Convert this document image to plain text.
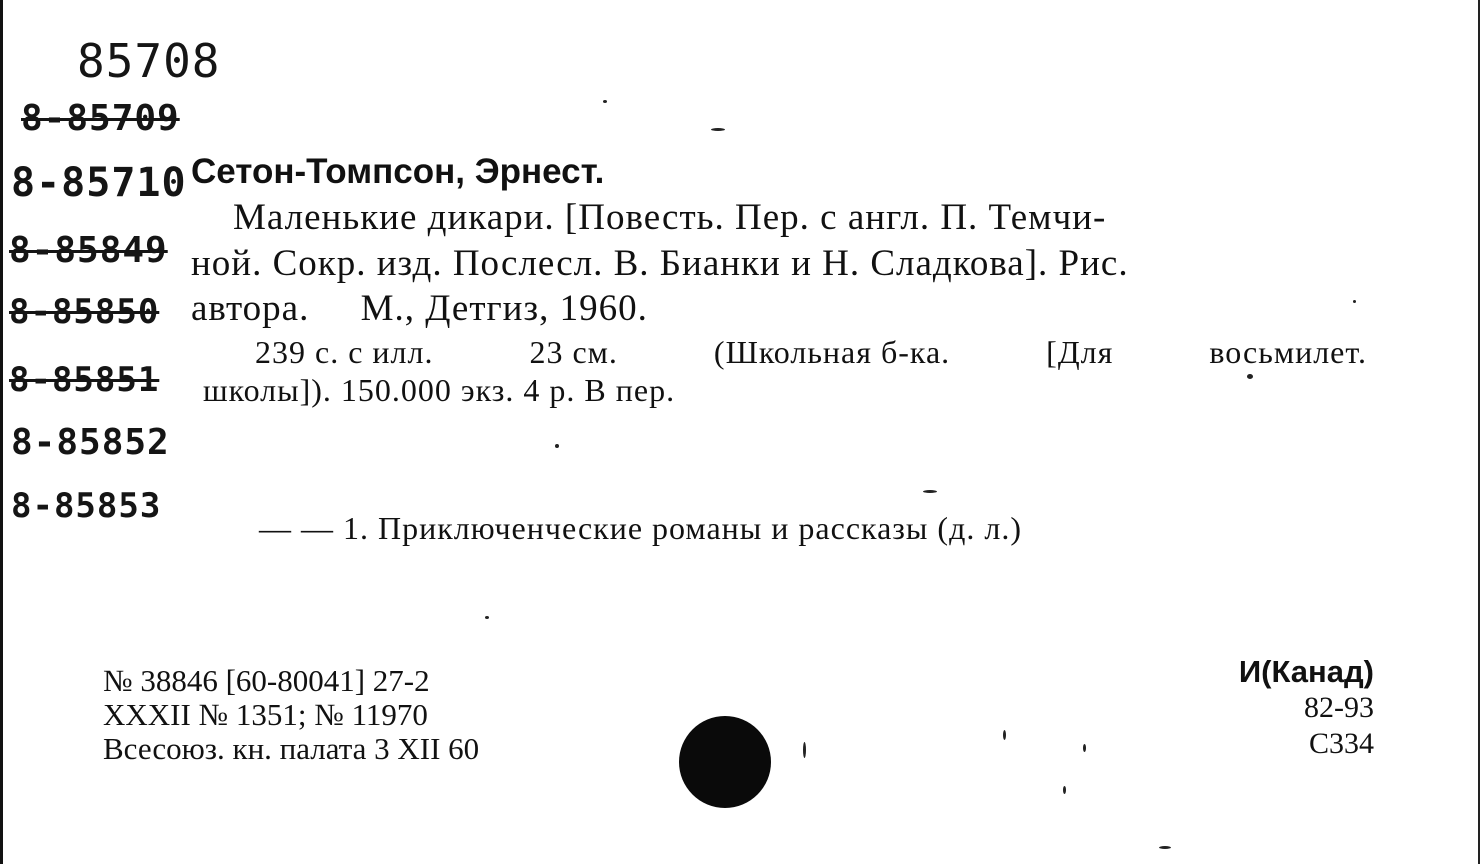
85708
8-85709
8-85710
8-85849
8-85850
8-85851
8-85852
8-85853
Сетон-Томпсон, Эрнест.
Маленькие дикари. [Повесть. Пер. с англ. П. Темчи-
ной. Сокр. изд. Послесл. В. Бианки и Н. Сладкова]. Рис.
автора.     М., Детгиз, 1960.
239 с. с илл.	23 см.	(Школьная б-ка.	[Для	восьмилет.
школы]). 150.000 экз. 4 р. В пер.
— — 1. Приключенческие романы и рассказы (д. л.)
№ 38846 [60-80041] 27-2
XXXII № 1351; № 11970
Всесоюз. кн. палата 3 XII 60
И(Канад)
82-93
С334
